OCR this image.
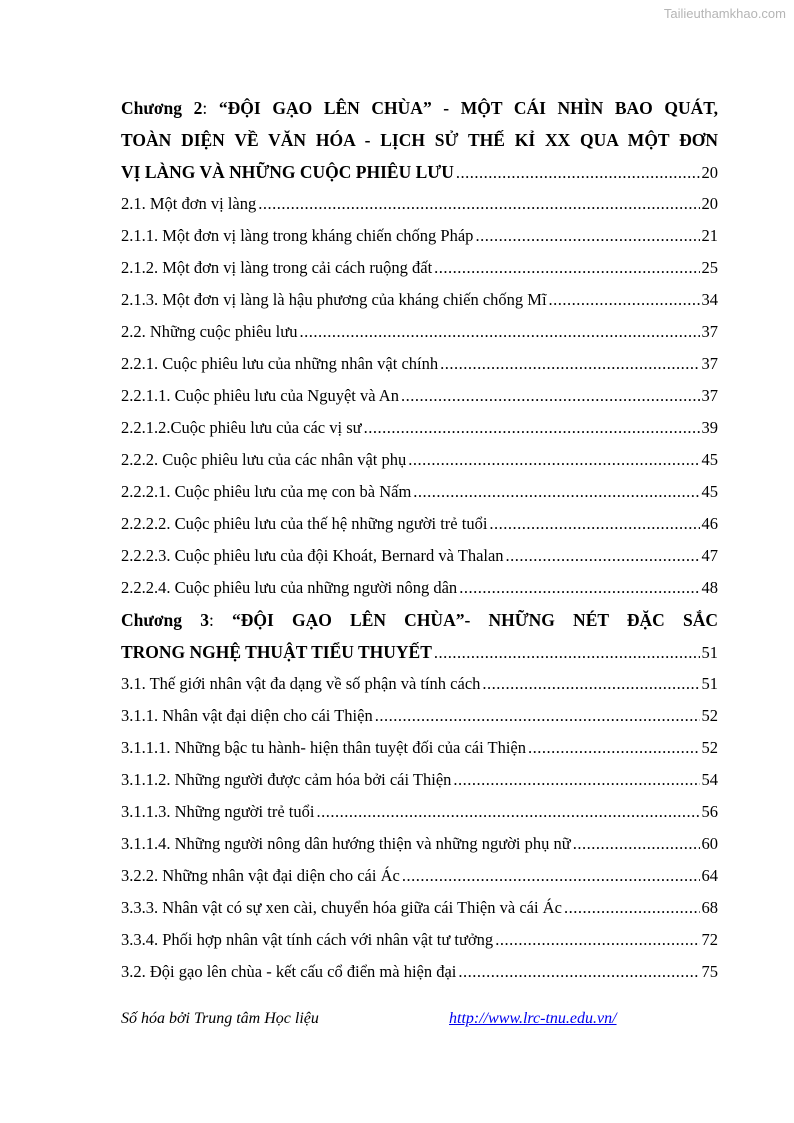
Tailieuthamkhao.com
Chương 2: “ĐỘI GẠO LÊN CHÙA” - MỘT CÁI NHÌN BAO QUÁT,
TOÀN DIỆN VỀ VĂN HÓA - LỊCH SỬ THẾ KỈ XX QUA MỘT ĐƠN
VỊ LÀNG VÀ NHỮNG CUỘC PHIÊU LƯU .....	20
2.1. Một đơn vị làng .....	20
2.1.1. Một đơn vị làng trong kháng chiến chống Pháp .....	21
2.1.2. Một đơn vị làng trong cải cách ruộng đất .....	25
2.1.3. Một đơn vị làng là hậu phương của kháng chiến chống Mĩ .....	34
2.2. Những cuộc phiêu lưu .....	37
2.2.1. Cuộc phiêu lưu của những nhân vật chính .....	37
2.2.1.1. Cuộc phiêu lưu của Nguyệt và An .....	37
2.2.1.2.Cuộc phiêu lưu của các vị sư .....	39
2.2.2. Cuộc phiêu lưu của các nhân vật phụ .....	45
2.2.2.1. Cuộc phiêu lưu của mẹ con bà Nấm .....	45
2.2.2.2. Cuộc phiêu lưu của thế hệ những người trẻ tuổi .....	46
2.2.2.3. Cuộc phiêu lưu của đội Khoát, Bernard và Thalan .....	47
2.2.2.4. Cuộc phiêu lưu của những người nông dân .....	48
Chương 3: “ĐỘI GẠO LÊN CHÙA”- NHỮNG NÉT ĐẶC SẮC
TRONG NGHỆ THUẬT TIỂU THUYẾT .....	51
3.1. Thế giới nhân vật đa dạng về số phận và tính cách .....	51
3.1.1. Nhân vật đại diện cho cái Thiện .....	52
3.1.1.1. Những bậc tu hành- hiện thân tuyệt đối của cái Thiện .....	52
3.1.1.2. Những người được cảm hóa bởi cái Thiện .....	54
3.1.1.3. Những người trẻ tuổi .....	56
3.1.1.4. Những người nông dân hướng thiện và những người phụ nữ .....	60
3.2.2. Những nhân vật đại diện cho cái Ác .....	64
3.3.3. Nhân vật có sự xen cài, chuyển hóa giữa cái Thiện và cái Ác .....	68
3.3.4. Phối hợp nhân vật tính cách với nhân vật tư tưởng .....	72
3.2. Đội gạo lên chùa - kết cấu cổ điển mà hiện đại .....	75
Số hóa bởi Trung tâm Học liệu	http://www.lrc-tnu.edu.vn/
